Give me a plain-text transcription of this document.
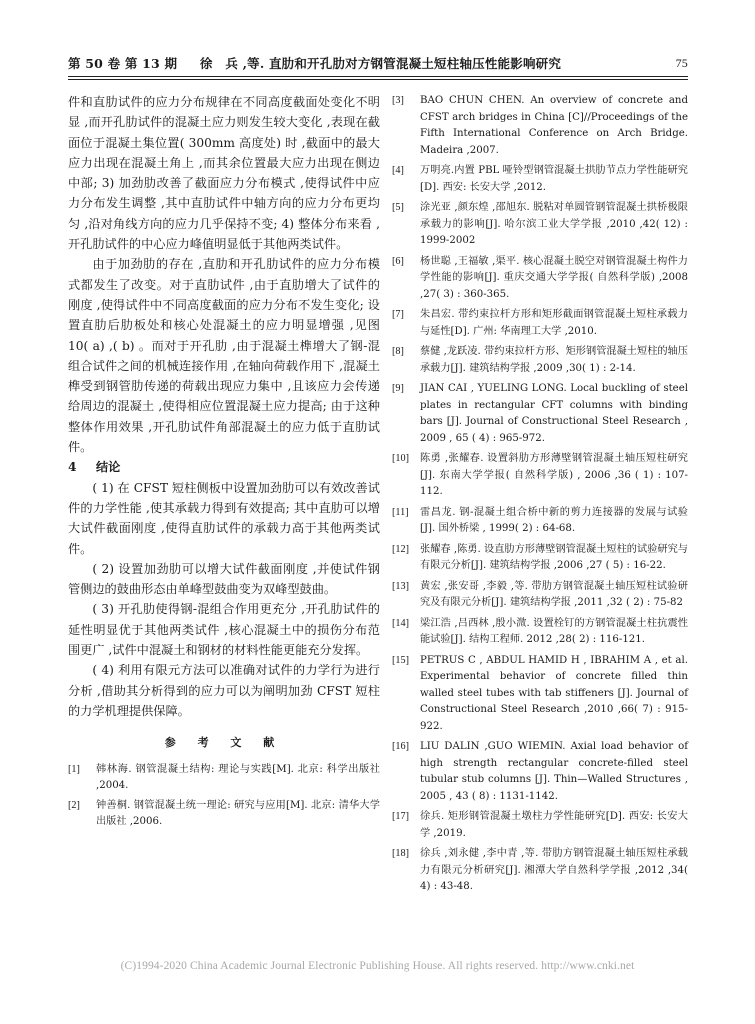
第 50 卷 第 13 期 徐　兵 ,等. 直肋和开孔肋对方钢管混凝土短柱轴压性能影响研究	75

件和直肋试件的应力分布规律在不同高度截面处变化不明显 ,而开孔肋试件的混凝土应力则发生较大变化 ,表现在截面位于混凝土集位置( 300mm 高度处) 时 ,截面中的最大应力出现在混凝土角上 ,而其余位置最大应力出现在侧边中部; 3) 加劲肋改善了截面应力分布模式 ,使得试件中应力分布发生调整 ,其中直肋试件中轴方向的应力分布更均匀 ,沿对角线方向的应力几乎保持不变; 4) 整体分布来看 ,开孔肋试件的中心应力峰值明显低于其他两类试件。

由于加劲肋的存在 ,直肋和开孔肋试件的应力分布模式都发生了改变。对于直肋试件 ,由于直肋增大了试件的刚度 ,使得试件中不同高度截面的应力分布不发生变化; 设置直肋后肋板处和核心处混凝土的应力明显增强 ,见图 10( a) ,( b) 。而对于开孔肋 ,由于混凝土榫增大了钢-混组合试件之间的机械连接作用 ,在轴向荷载作用下 ,混凝土榫受到钢管肋传递的荷载出现应力集中 ,且该应力会传递给周边的混凝土 ,使得相应位置混凝土应力提高; 由于这种整体作用效果 ,开孔肋试件角部混凝土的应力低于直肋试件。

4 结论

( 1) 在 CFST 短柱侧板中设置加劲肋可以有效改善试件的力学性能 ,使其承载力得到有效提高; 其中直肋可以增大试件截面刚度 ,使得直肋试件的承载力高于其他两类试件。

( 2) 设置加劲肋可以增大试件截面刚度 ,并使试件钢管侧边的鼓曲形态由单峰型鼓曲变为双峰型鼓曲。

( 3) 开孔肋使得钢-混组合作用更充分 ,开孔肋试件的延性明显优于其他两类试件 ,核心混凝土中的损伤分布范围更广 ,试件中混凝土和钢材的材料性能更能充分发挥。

( 4) 利用有限元方法可以准确对试件的力学行为进行分析 ,借助其分析得到的应力可以为阐明加劲 CFST 短柱的力学机理提供保障。

参 考 文 献
[1]	韩林海. 钢管混凝土结构: 理论与实践[M]. 北京: 科学出版社 ,2004.
[2]	钟善桐. 钢管混凝土统一理论: 研究与应用[M]. 北京: 清华大学出版社 ,2006.
[3]	BAO CHUN CHEN. An overview of concrete and CFST arch bridges in China [C]//Proceedings of the Fifth International Conference on Arch Bridge. Madeira ,2007.
[4]	万明亮.内置 PBL 哑铃型钢管混凝土拱肋节点力学性能研究[D]. 西安: 长安大学 ,2012.
[5]	涂光亚 ,颜东煌 ,邵旭东. 脱粘对单圆管钢管混凝土拱桥极限承载力的影响[J]. 哈尔滨工业大学学报 ,2010 ,42( 12) : 1999-2002
[6]	杨世聪 ,王福敏 ,渠平. 核心混凝土脱空对钢管混凝土构件力学性能的影响[J]. 重庆交通大学学报( 自然科学版) ,2008 ,27( 3) : 360-365.
[7]	朱昌宏. 带约束拉杆方形和矩形截面钢管混凝土短柱承载力与延性[D]. 广州: 华南理工大学 ,2010.
[8]	蔡健 ,龙跃凌. 带约束拉杆方形、矩形钢管混凝土短柱的轴压承载力[J]. 建筑结构学报 ,2009 ,30( 1) : 2-14.
[9]	JIAN CAI , YUELING LONG. Local buckling of steel plates in rectangular CFT columns with binding bars [J]. Journal of Constructional Steel Research , 2009 , 65 ( 4) : 965-972.
[10]	陈勇 ,张耀春. 设置斜肋方形薄壁钢管混凝土轴压短柱研究[J]. 东南大学学报( 自然科学版) , 2006 ,36 ( 1) : 107-112.
[11]	雷昌龙. 钢-混凝土组合桥中新的剪力连接器的发展与试验[J]. 国外桥梁 , 1999( 2) : 64-68.
[12]	张耀春 ,陈勇. 设直肋方形薄壁钢管混凝土短柱的试验研究与有限元分析[J]. 建筑结构学报 ,2006 ,27 ( 5) : 16-22.
[13]	黄宏 ,张安哥 ,李毅 ,等. 带肋方钢管混凝土轴压短柱试验研究及有限元分析[J]. 建筑结构学报 ,2011 ,32 ( 2) : 75-82
[14]	梁江浩 ,吕西林 ,殷小溦. 设置栓钉的方钢管混凝土柱抗震性能试验[J]. 结构工程师. 2012 ,28( 2) : 116-121.
[15]	PETRUS C , ABDUL HAMID H , IBRAHIM A , et al. Experimental behavior of concrete filled thin walled steel tubes with tab stiffeners [J]. Journal of Constructional Steel Research ,2010 ,66( 7) : 915-922.
[16]	LIU DALIN ,GUO WIEMIN. Axial load behavior of high strength rectangular concrete-filled steel tubular stub columns [J]. Thin—Walled Structures , 2005 , 43 ( 8) : 1131-1142.
[17]	徐兵. 矩形钢管混凝土墩柱力学性能研究[D]. 西安: 长安大学 ,2019.
[18]	徐兵 ,刘永健 ,李中青 ,等. 带肋方钢管混凝土轴压短柱承载力有限元分析研究[J]. 湘潭大学自然科学学报 ,2012 ,34( 4) : 43-48.
(C)1994-2020 China Academic Journal Electronic Publishing House. All rights reserved. http://www.cnki.net
